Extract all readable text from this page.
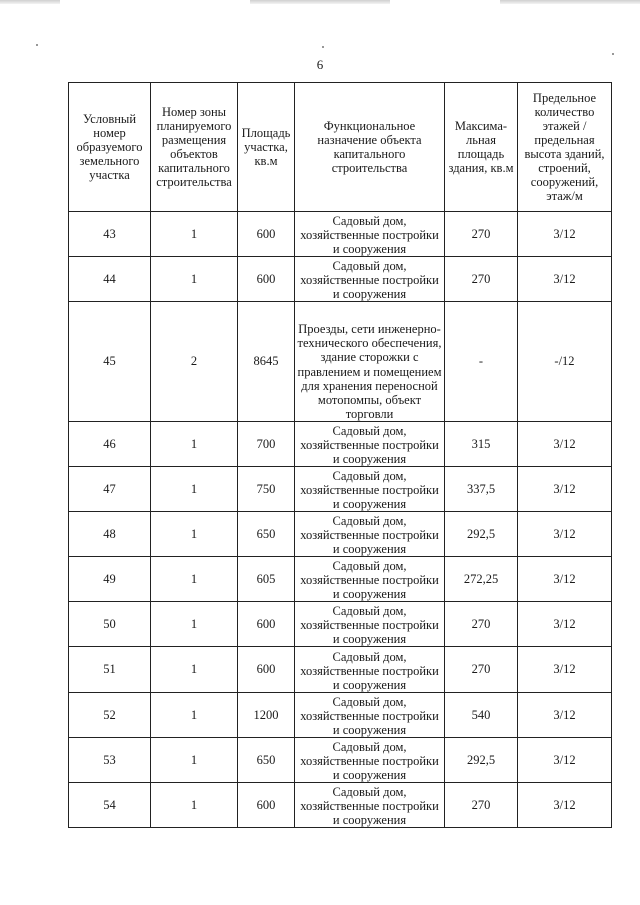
6
Условный номер образуемого земельного участка	Номер зоны планируемого размещения объектов капитального строительства	Площадь участка, кв.м	Функциональное назначение объекта капитального строительства	Максима-льная площадь здания, кв.м	Предельное количество этажей / предельная высота зданий, строений, сооружений, этаж/м
43	1	600	Садовый дом, хозяйственные постройки и сооружения	270	3/12
44	1	600	Садовый дом, хозяйственные постройки и сооружения	270	3/12
45	2	8645	Проезды, сети инженерно-технического обеспечения, здание сторожки с правлением и помещением для хранения переносной мотопомпы, объект торговли	-	-/12
46	1	700	Садовый дом, хозяйственные постройки и сооружения	315	3/12
47	1	750	Садовый дом, хозяйственные постройки и сооружения	337,5	3/12
48	1	650	Садовый дом, хозяйственные постройки и сооружения	292,5	3/12
49	1	605	Садовый дом, хозяйственные постройки и сооружения	272,25	3/12
50	1	600	Садовый дом, хозяйственные постройки и сооружения	270	3/12
51	1	600	Садовый дом, хозяйственные постройки и сооружения	270	3/12
52	1	1200	Садовый дом, хозяйственные постройки и сооружения	540	3/12
53	1	650	Садовый дом, хозяйственные постройки и сооружения	292,5	3/12
54	1	600	Садовый дом, хозяйственные постройки и сооружения	270	3/12
